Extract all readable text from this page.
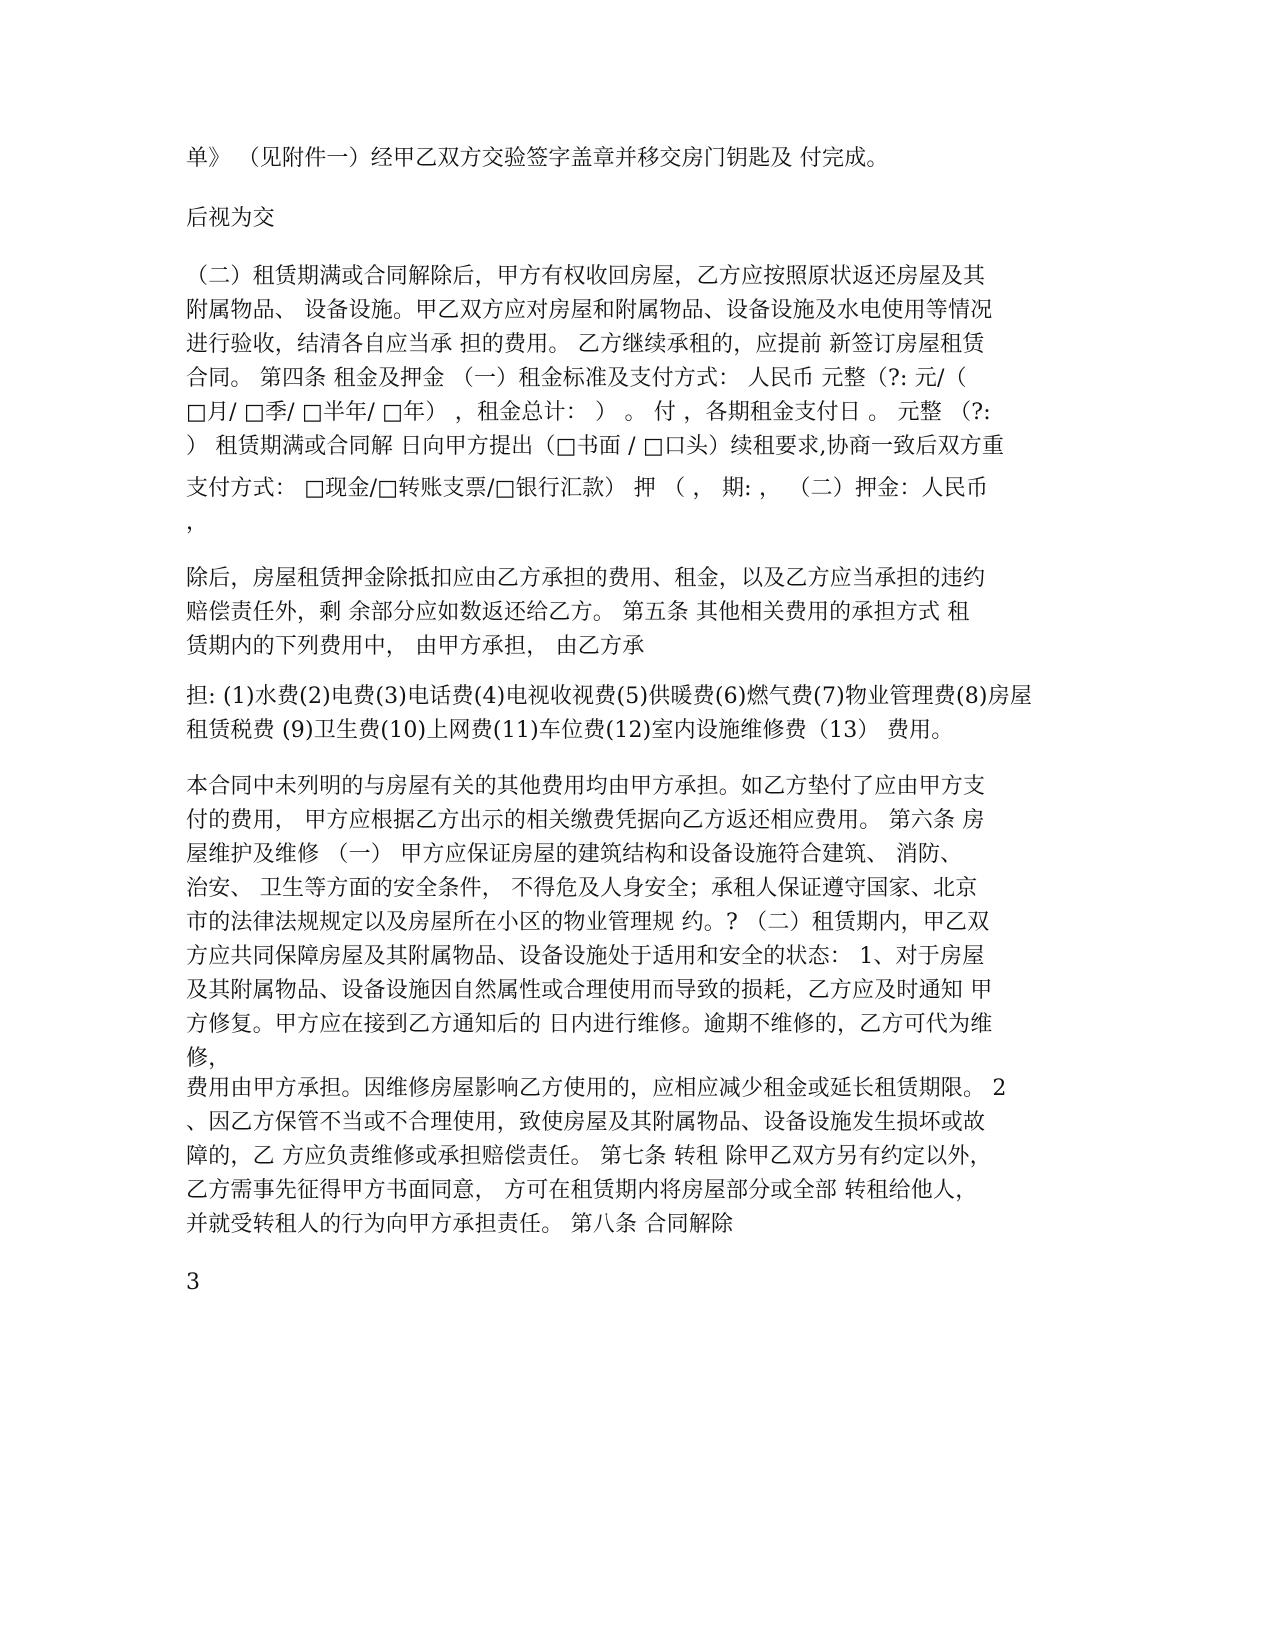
单》 （见附件一）经甲乙双方交验签字盖章并移交房门钥匙及 付完成。
后视为交
（二）租赁期满或合同解除后，甲方有权收回房屋，乙方应按照原状返还房屋及其
附属物品、 设备设施。甲乙双方应对房屋和附属物品、设备设施及水电使用等情况
进行验收，结清各自应当承 担的费用。 乙方继续承租的，应提前 新签订房屋租赁
合同。 第四条 租金及押金 （一）租金标准及支付方式： 人民币 元整（?: 元/（
□月/ □季/ □半年/ □年） ，租金总计： ） 。 付 ，各期租金支付日 。 元整 （?:
） 租赁期满或合同解 日向甲方提出（□书面 / □口头）续租要求,协商一致后双方重
支付方式： □现金/□转账支票/□银行汇款） 押 （ ， 期: ， （二）押金：人民币
，
除后，房屋租赁押金除抵扣应由乙方承担的费用、租金，以及乙方应当承担的违约
赔偿责任外，剩 余部分应如数返还给乙方。 第五条 其他相关费用的承担方式 租
赁期内的下列费用中， 由甲方承担， 由乙方承
担: (1)水费(2)电费(3)电话费(4)电视收视费(5)供暖费(6)燃气费(7)物业管理费(8)房屋
租赁税费 (9)卫生费(10)上网费(11)车位费(12)室内设施维修费（13） 费用。
本合同中未列明的与房屋有关的其他费用均由甲方承担。如乙方垫付了应由甲方支
付的费用， 甲方应根据乙方出示的相关缴费凭据向乙方返还相应费用。 第六条 房
屋维护及维修 （一） 甲方应保证房屋的建筑结构和设备设施符合建筑、 消防、
治安、 卫生等方面的安全条件， 不得危及人身安全；承租人保证遵守国家、北京
市的法律法规规定以及房屋所在小区的物业管理规 约。? （二）租赁期内，甲乙双
方应共同保障房屋及其附属物品、设备设施处于适用和安全的状态： 1、对于房屋
及其附属物品、设备设施因自然属性或合理使用而导致的损耗，乙方应及时通知 甲
方修复。甲方应在接到乙方通知后的 日内进行维修。逾期不维修的，乙方可代为维
修，
费用由甲方承担。因维修房屋影响乙方使用的，应相应减少租金或延长租赁期限。 2
、因乙方保管不当或不合理使用，致使房屋及其附属物品、设备设施发生损坏或故
障的，乙 方应负责维修或承担赔偿责任。 第七条 转租 除甲乙双方另有约定以外，
乙方需事先征得甲方书面同意， 方可在租赁期内将房屋部分或全部 转租给他人，
并就受转租人的行为向甲方承担责任。 第八条 合同解除
3
